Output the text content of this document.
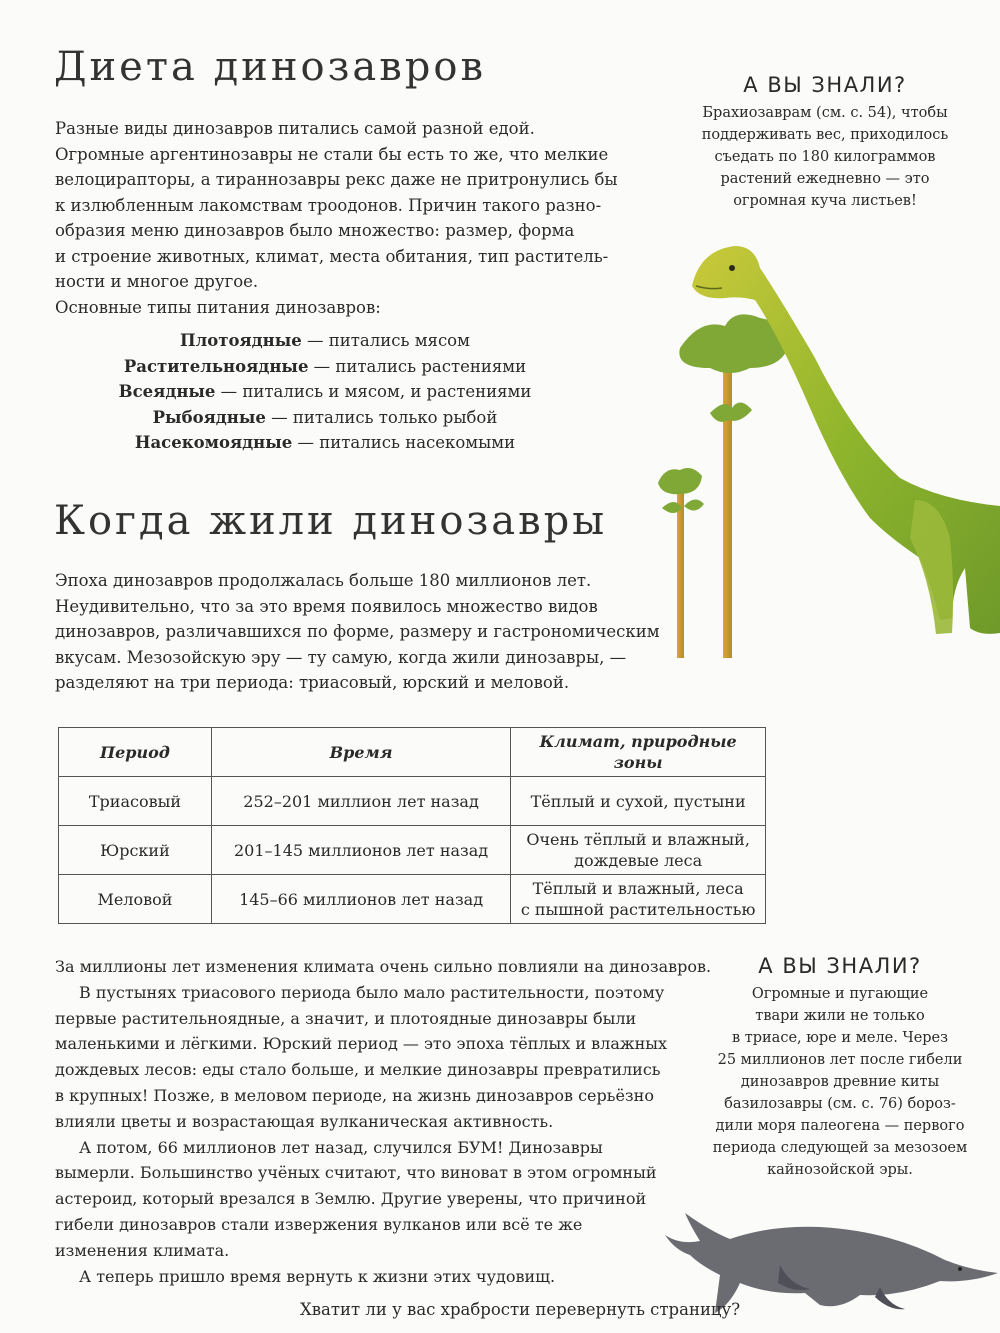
Диета динозавров

Разные виды динозавров питались самой разной едой.

Огромные аргентинозавры не стали бы есть то же, что мелкие

велоцирапторы, а тираннозавры рекс даже не притронулись бы

к излюбленным лакомствам троодонов. Причин такого разно-

образия меню динозавров было множество: размер, форма

и строение животных, климат, места обитания, тип раститель-

ности и многое другое.

Основные типы питания динозавров:

Плотоядные — питались мясом
Растительноядные — питались растениями
Всеядные — питались и мясом, и растениями
Рыбоядные — питались только рыбой
Насекомоядные — питались насекомыми
А ВЫ ЗНАЛИ?
Брахиозаврам (см. с. 54), чтобы
поддерживать вес, приходилось
съедать по 180 килограммов
растений ежедневно — это
огромная куча листьев!
Когда жили динозавры

Эпоха динозавров продолжалась больше 180 миллионов лет.

Неудивительно, что за это время появилось множество видов

динозавров, различавшихся по форме, размеру и гастрономическим

вкусам. Мезозойскую эру — ту самую, когда жили динозавры, —

разделяют на три периода: триасовый, юрский и меловой.

Период	Время	Климат, природные зоны
Триасовый	252–201 миллион лет назад	Тёплый и сухой, пустыни

Юрский	201–145 миллионов лет назад	Очень тёплый и влажный,
дождевые леса

Меловой	145–66 миллионов лет назад	Тёплый и влажный, леса
с пышной растительностью

За миллионы лет изменения климата очень сильно повлияли на динозавров.

В пустынях триасового периода было мало растительности, поэтому

первые растительноядные, а значит, и плотоядные динозавры были

маленькими и лёгкими. Юрский период — это эпоха тёплых и влажных

дождевых лесов: еды стало больше, и мелкие динозавры превратились

в крупных! Позже, в меловом периоде, на жизнь динозавров серьёзно

влияли цветы и возрастающая вулканическая активность.

А потом, 66 миллионов лет назад, случился БУМ! Динозавры

вымерли. Большинство учёных считают, что виноват в этом огромный

астероид, который врезался в Землю. Другие уверены, что причиной

гибели динозавров стали извержения вулканов или всё те же

изменения климата.

А теперь пришло время вернуть к жизни этих чудовищ.

А ВЫ ЗНАЛИ?
Огромные и пугающие
твари жили не только
в триасе, юре и меле. Через
25 миллионов лет после гибели
динозавров древние киты
базилозавры (см. с. 76) бороз-
дили моря палеогена — первого
периода следующей за мезозоем
кайнозойской эры.
Хватит ли у вас храбрости перевернуть страницу?
